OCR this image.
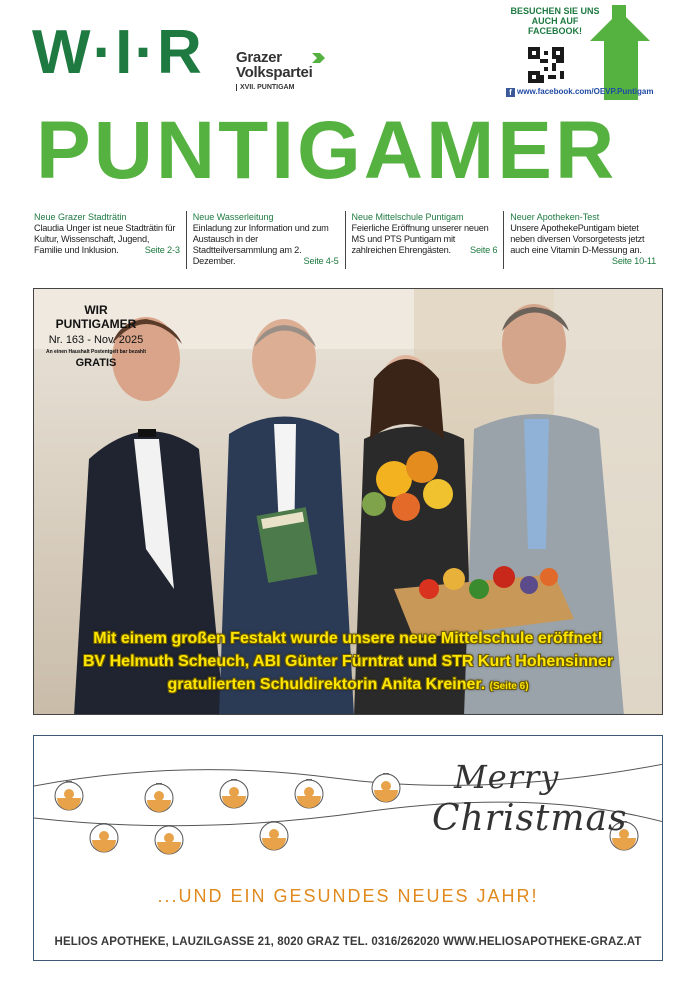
W·I·R Grazer Volkspartei
XVII. PUNTIGAM
BESUCHEN SIE UNS AUCH AUF FACEBOOK!
f www.facebook.com/OEVP.Puntigam
PUNTIGAMER
Neue Grazer Stadträtin
Claudia Unger ist neue Stadträtin für Kultur, Wissenschaft, Jugend, Familie und Inklusion.	Seite 2-3
Neue Wasserleitung
Einladung zur Information und zum Austausch in der Stadtteilversammlung am 2. Dezember.	Seite 4-5
Neue Mittelschule Puntigam
Feierliche Eröffnung unserer neuen MS und PTS Puntigam mit zahlreichen Ehrengästen. Seite 6
Neuer Apotheken-Test
Unsere ApothekePuntigam bietet neben diversen Vorsorgetests jetzt auch eine Vitamin D-Messung an.
Seite 10-11
WIR PUNTIGAMER
Nr. 163 - Nov. 2025
An einen Haushalt Postentgelt bar bezahlt
GRATIS
Mit einem großen Festakt wurde unsere neue Mittelschule eröffnet!
BV Helmuth Scheuch, ABI Günter Fürntrat und STR Kurt Hohensinner
gratulierten Schuldirektorin Anita Kreiner. (Seite 6)
Merry
Christmas
...UND EIN GESUNDES NEUES JAHR!
HELIOS APOTHEKE, LAUZILGASSE 21, 8020 GRAZ TEL. 0316/262020 WWW.HELIOSAPOTHEKE-GRAZ.AT
